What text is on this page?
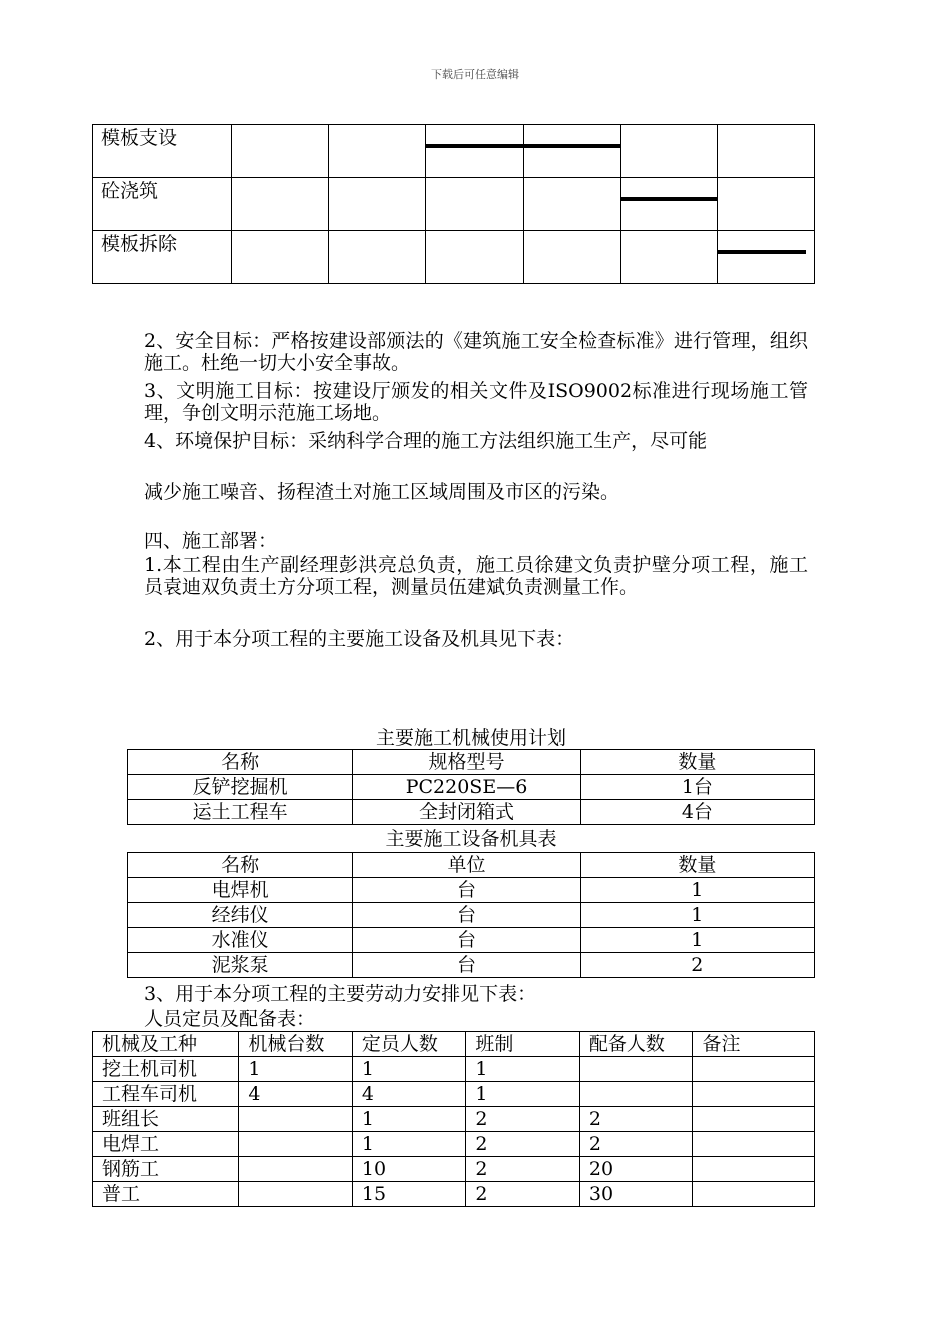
下载后可任意编辑
模板支设			

砼浇筑					

模板拆除						
2、安全目标：严格按建设部颁法的《建筑施工安全检查标准》进行管理，组织施工。杜绝一切大小安全事故。
3、文明施工目标：按建设厅颁发的相关文件及ISO9002标准进行现场施工管理，争创文明示范施工场地。
4、环境保护目标：采纳科学合理的施工方法组织施工生产，尽可能
减少施工噪音、扬程渣土对施工区域周围及市区的污染。
四、施工部署：
1.本工程由生产副经理彭洪亮总负责，施工员徐建文负责护壁分项工程，施工员袁迪双负责土方分项工程，测量员伍建斌负责测量工作。
2、用于本分项工程的主要施工设备及机具见下表：
主要施工机械使用计划
名称	规格型号	数量
反铲挖掘机	PC220SE—6	1台
运土工程车	全封闭箱式	4台
主要施工设备机具表
名称	单位	数量
电焊机	台	1
经纬仪	台	1
水准仪	台	1
泥浆泵	台	2
3、用于本分项工程的主要劳动力安排见下表：
人员定员及配备表：
机械及工种	机械台数	定员人数	班制	配备人数	备注
挖土机司机	1	1	1		
工程车司机	4	4	1		
班组长		1	2	2	
电焊工		1	2	2	
钢筋工		10	2	20	
普工		15	2	30	
